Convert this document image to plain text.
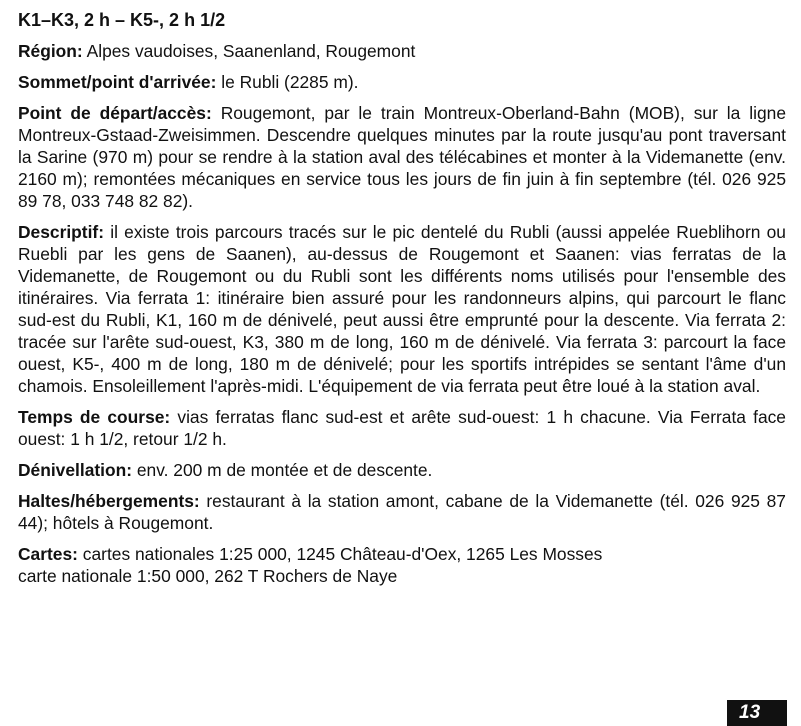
K1–K3, 2 h – K5-, 2 h 1/2

Région: Alpes vaudoises, Saanenland, Rougemont

Sommet/point d'arrivée: le Rubli (2285 m).

Point de départ/accès: Rougemont, par le train Montreux-Oberland-Bahn (MOB), sur la ligne Montreux-Gstaad-Zweisimmen. Descendre quelques minutes par la route jusqu'au pont traversant la Sarine (970 m) pour se rendre à la station aval des télécabines et monter à la Videmanette (env. 2160 m); remontées mécaniques en service tous les jours de fin juin à fin septembre (tél. 026 925 89 78, 033 748 82 82).

Descriptif: il existe trois parcours tracés sur le pic dentelé du Rubli (aussi appelée Rueblihorn ou Ruebli par les gens de Saanen), au-dessus de Rougemont et Saanen: vias ferratas de la Videmanette, de Rougemont ou du Rubli sont les différents noms utilisés pour l'ensemble des itinéraires. Via ferrata 1: itinéraire bien assuré pour les randonneurs alpins, qui parcourt le flanc sud-est du Rubli, K1, 160 m de dénivelé, peut aussi être emprunté pour la descente. Via ferrata 2: tracée sur l'arête sud-ouest, K3, 380 m de long, 160 m de dénivelé. Via ferrata 3: parcourt la face ouest, K5-, 400 m de long, 180 m de dénivelé; pour les sportifs intrépides se sentant l'âme d'un chamois. Ensoleillement l'après-midi. L'équipement de via ferrata peut être loué à la station aval.

Temps de course: vias ferratas flanc sud-est et arête sud-ouest: 1 h chacune. Via Ferrata face ouest: 1 h 1/2, retour 1/2 h.

Dénivellation: env. 200 m de montée et de descente.

Haltes/hébergements: restaurant à la station amont, cabane de la Videmanette (tél. 026 925 87 44); hôtels à Rougemont.

Cartes: cartes nationales 1:25 000, 1245 Château-d'Oex, 1265 Les Mosses
carte nationale 1:50 000, 262 T Rochers de Naye

13
